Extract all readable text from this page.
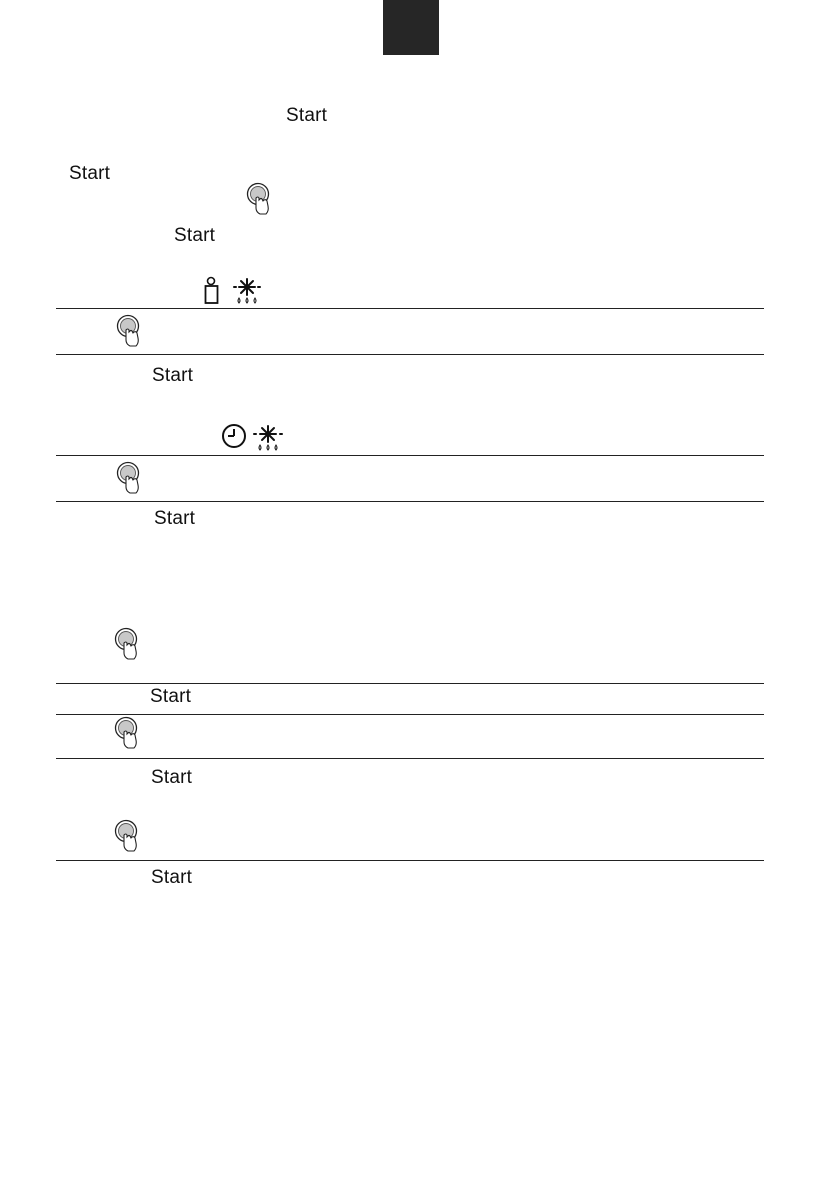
Start
Start
Start
Start
Start
Start
Start
Start
